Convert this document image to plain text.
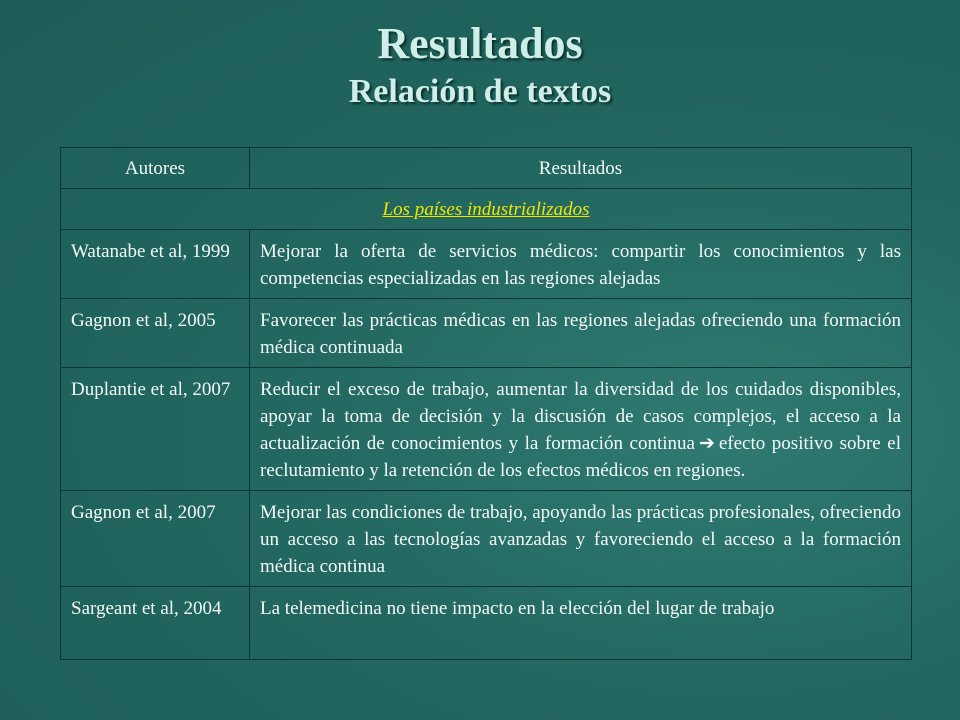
Resultados
Relación de textos
Autores	Resultados
Los países industrializados	
Watanabe et al, 1999	Mejorar la oferta de servicios médicos: compartir los conocimientos y las competencias especializadas en las regiones alejadas
Gagnon et al, 2005	Favorecer las prácticas médicas en las regiones alejadas ofreciendo una formación médica continuada
Duplantie et al, 2007	Reducir el exceso de trabajo, aumentar la diversidad de los cuidados disponibles, apoyar la toma de decisión y la discusión de casos complejos, el acceso a la actualización de conocimientos y la formación continua ➔ efecto positivo sobre el reclutamiento y la retención de los efectos médicos en regiones.
Gagnon et al, 2007	Mejorar las condiciones de trabajo, apoyando las prácticas profesionales, ofreciendo un acceso a las tecnologías avanzadas y favoreciendo el acceso a la formación médica continua
Sargeant et al, 2004	La telemedicina no tiene impacto en la elección del lugar de trabajo
